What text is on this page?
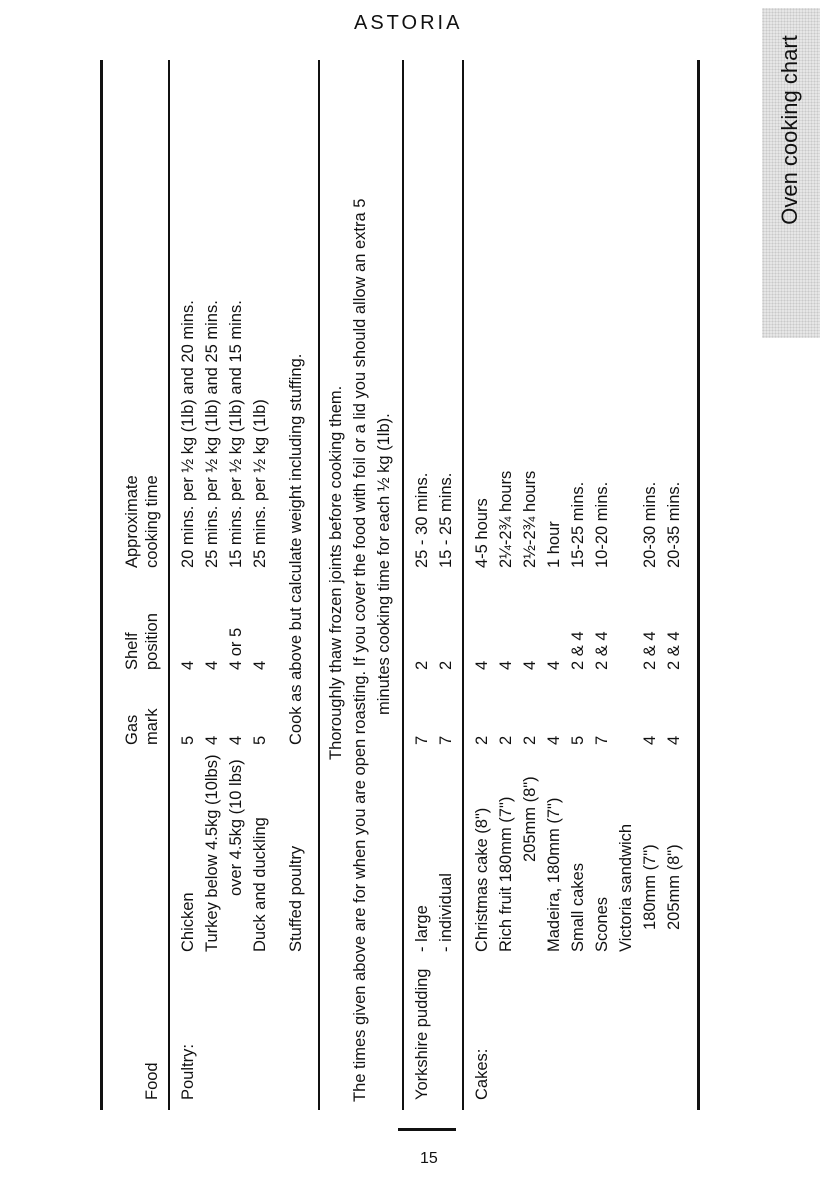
ASTORIA
Oven cooking chart
Food
Gas mark
Shelf position
Approximate cooking time
Poultry:
Chicken
5
4
20 mins. per ½ kg (1lb) and 20 mins.
Turkey below 4.5kg (10lbs)
4
4
25 mins. per ½ kg (1lb) and 25 mins.
over 4.5kg (10 lbs)
4
4 or 5
15 mins. per ½ kg (1lb) and 15 mins.
Duck and duckling
5
4
25 mins. per ½ kg (1lb)
Stuffed poultry
Cook as above but calculate weight including stuffing. Thoroughly thaw frozen joints before cooking them. The times given above are for when you are open roasting. If you cover the food with foil or a lid you should allow an extra 5 minutes cooking time for each ½ kg (1lb).
Yorkshire pudding
- large
7
2
25 - 30 mins.
- individual
7
2
15 - 25 mins.
Cakes:
Christmas cake (8")
2
4
4-5 hours
Rich fruit 180mm (7")
2
4
2¼-2¾ hours
205mm (8")
2
4
2½-2¾ hours
Madeira, 180mm (7")
4
4
1 hour
Small cakes
5
2 & 4
15-25 mins.
Scones
7
2 & 4
10-20 mins.
Victoria sandwich 180mm (7")
4
2 & 4
20-30 mins.
205mm (8")
4
2 & 4
20-35 mins.
15
